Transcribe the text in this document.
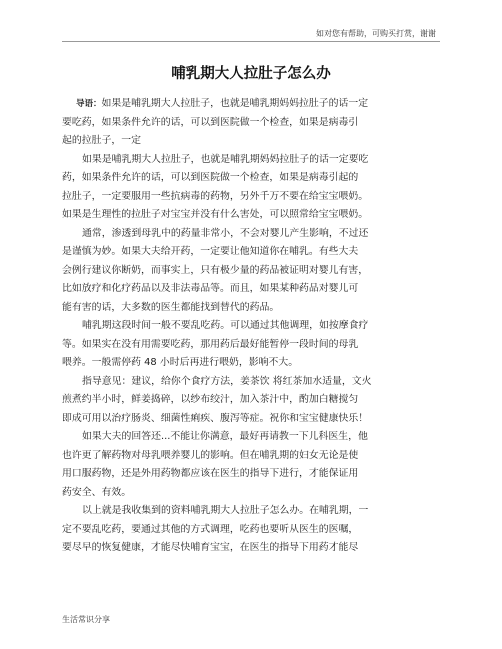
如对您有帮助，可购买打赏，谢谢
哺乳期大人拉肚子怎么办
导语：如果是哺乳期大人拉肚子，也就是哺乳期妈妈拉肚子的话一定
要吃药，如果条件允许的话，可以到医院做一个检查，如果是病毒引
起的拉肚子，一定
如果是哺乳期大人拉肚子，也就是哺乳期妈妈拉肚子的话一定要吃
药，如果条件允许的话，可以到医院做一个检查，如果是病毒引起的
拉肚子，一定要服用一些抗病毒的药物，另外千万不要在给宝宝喂奶。
如果是生理性的拉肚子对宝宝并没有什么害处，可以照常给宝宝喂奶。
通常，渗透到母乳中的药量非常小，不会对婴儿产生影响，不过还
是谨慎为妙。如果大夫给开药，一定要让他知道你在哺乳。有些大夫
会例行建议你断奶，而事实上，只有极少量的药品被证明对婴儿有害，
比如放疗和化疗药品以及非法毒品等。而且，如果某种药品对婴儿可
能有害的话，大多数的医生都能找到替代的药品。
哺乳期这段时间一般不要乱吃药。可以通过其他调理，如按摩食疗
等。如果实在没有用需要吃药，那用药后最好能暂停一段时间的母乳
喂养。一般需停药 48 小时后再进行喂奶，影响不大。
指导意见：建议，给你个食疗方法，姜茶饮 将红茶加水适量，文火
煎煮约半小时，鲜姜捣碎，以纱布绞汁，加入茶汁中，酌加白糖搅匀
即成可用以治疗肠炎、细菌性痢疾、腹泻等症。祝你和宝宝健康快乐！
如果大夫的回答还...不能让你满意，最好再请教一下儿科医生，他
也许更了解药物对母乳喂养婴儿的影响。但在哺乳期的妇女无论是使
用口服药物，还是外用药物都应该在医生的指导下进行，才能保证用
药安全、有效。
以上就是我收集到的资料哺乳期大人拉肚子怎么办。在哺乳期，一
定不要乱吃药，要通过其他的方式调理，吃药也要听从医生的医嘱，
要尽早的恢复健康，才能尽快哺育宝宝，在医生的指导下用药才能尽
生活常识分享
